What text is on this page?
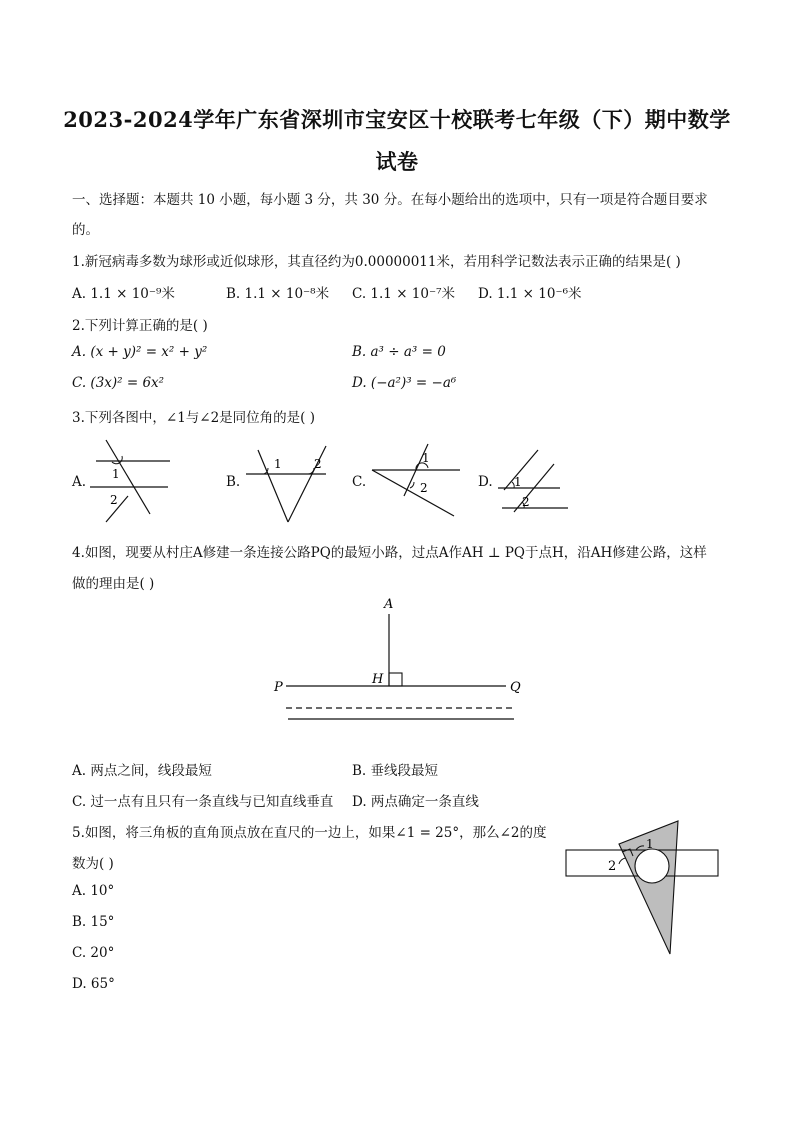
2023-2024学年广东省深圳市宝安区十校联考七年级（下）期中数学
试卷
一、选择题：本题共 10 小题，每小题 3 分，共 30 分。在每小题给出的选项中，只有一项是符合题目要求
的。
1.新冠病毒多数为球形或近似球形，其直径约为0.00000011米，若用科学记数法表示正确的结果是( )
A. 1.1 × 10⁻⁹米	B. 1.1 × 10⁻⁸米 C. 1.1 × 10⁻⁷米 D. 1.1 × 10⁻⁶米
2.下列计算正确的是( )
A. (x + y)² = x² + y²	B. a³ ÷ a³ = 0
C. (3x)² = 6x²	D. (−a²)³ = −a⁶
3.下列各图中，∠1与∠2是同位角的是( )
A.	B.	C.	D.
1
2
1	2	1
2	1
2
4.如图，现要从村庄A修建一条连接公路PQ的最短小路，过点A作AH ⊥ PQ于点H，沿AH修建公路，这样
做的理由是( )
A
H
P	Q
A. 两点之间，线段最短	B. 垂线段最短
C. 过一点有且只有一条直线与已知直线垂直 D. 两点确定一条直线
5.如图，将三角板的直角顶点放在直尺的一边上，如果∠1 = 25°，那么∠2的度
数为( )
A. 10°
B. 15°
C. 20°
D. 65°
1
2
